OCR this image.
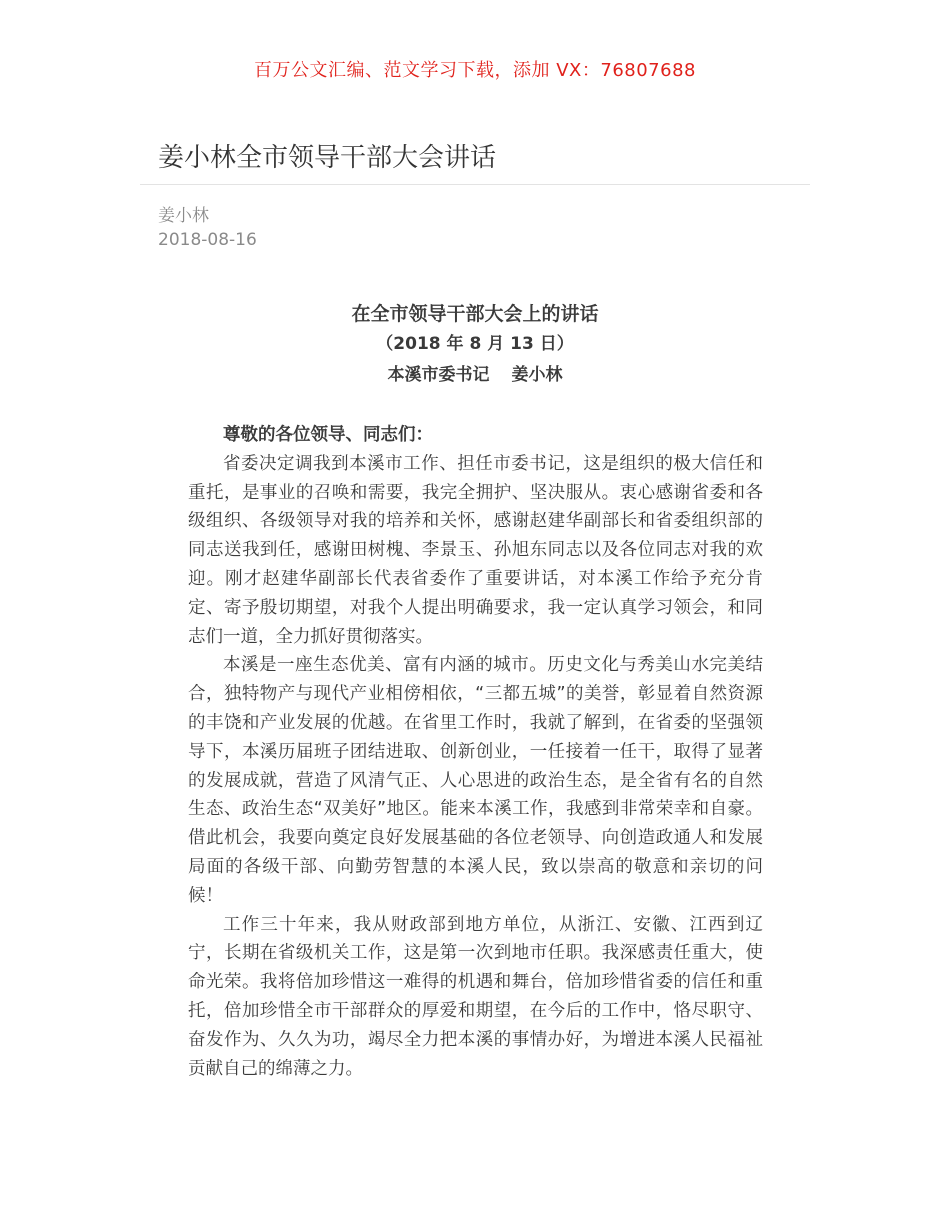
百万公文汇编、范文学习下载，添加 VX：76807688
姜小林全市领导干部大会讲话
姜小林
2018-08-16
在全市领导干部大会上的讲话
（2018 年 8 月 13 日）
本溪市委书记 姜小林

尊敬的各位领导、同志们：

省委决定调我到本溪市工作、担任市委书记，这是组织的极大信任和重托，是事业的召唤和需要，我完全拥护、坚决服从。衷心感谢省委和各级组织、各级领导对我的培养和关怀，感谢赵建华副部长和省委组织部的同志送我到任，感谢田树槐、李景玉、孙旭东同志以及各位同志对我的欢迎。刚才赵建华副部长代表省委作了重要讲话，对本溪工作给予充分肯定、寄予殷切期望，对我个人提出明确要求，我一定认真学习领会，和同志们一道，全力抓好贯彻落实。

本溪是一座生态优美、富有内涵的城市。历史文化与秀美山水完美结合，独特物产与现代产业相傍相依，“三都五城”的美誉，彰显着自然资源的丰饶和产业发展的优越。在省里工作时，我就了解到，在省委的坚强领导下，本溪历届班子团结进取、创新创业，一任接着一任干，取得了显著的发展成就，营造了风清气正、人心思进的政治生态，是全省有名的自然生态、政治生态“双美好”地区。能来本溪工作，我感到非常荣幸和自豪。借此机会，我要向奠定良好发展基础的各位老领导、向创造政通人和发展局面的各级干部、向勤劳智慧的本溪人民，致以崇高的敬意和亲切的问候！

工作三十年来，我从财政部到地方单位，从浙江、安徽、江西到辽宁，长期在省级机关工作，这是第一次到地市任职。我深感责任重大，使命光荣。我将倍加珍惜这一难得的机遇和舞台，倍加珍惜省委的信任和重托，倍加珍惜全市干部群众的厚爱和期望，在今后的工作中，恪尽职守、奋发作为、久久为功，竭尽全力把本溪的事情办好，为增进本溪人民福祉贡献自己的绵薄之力。
